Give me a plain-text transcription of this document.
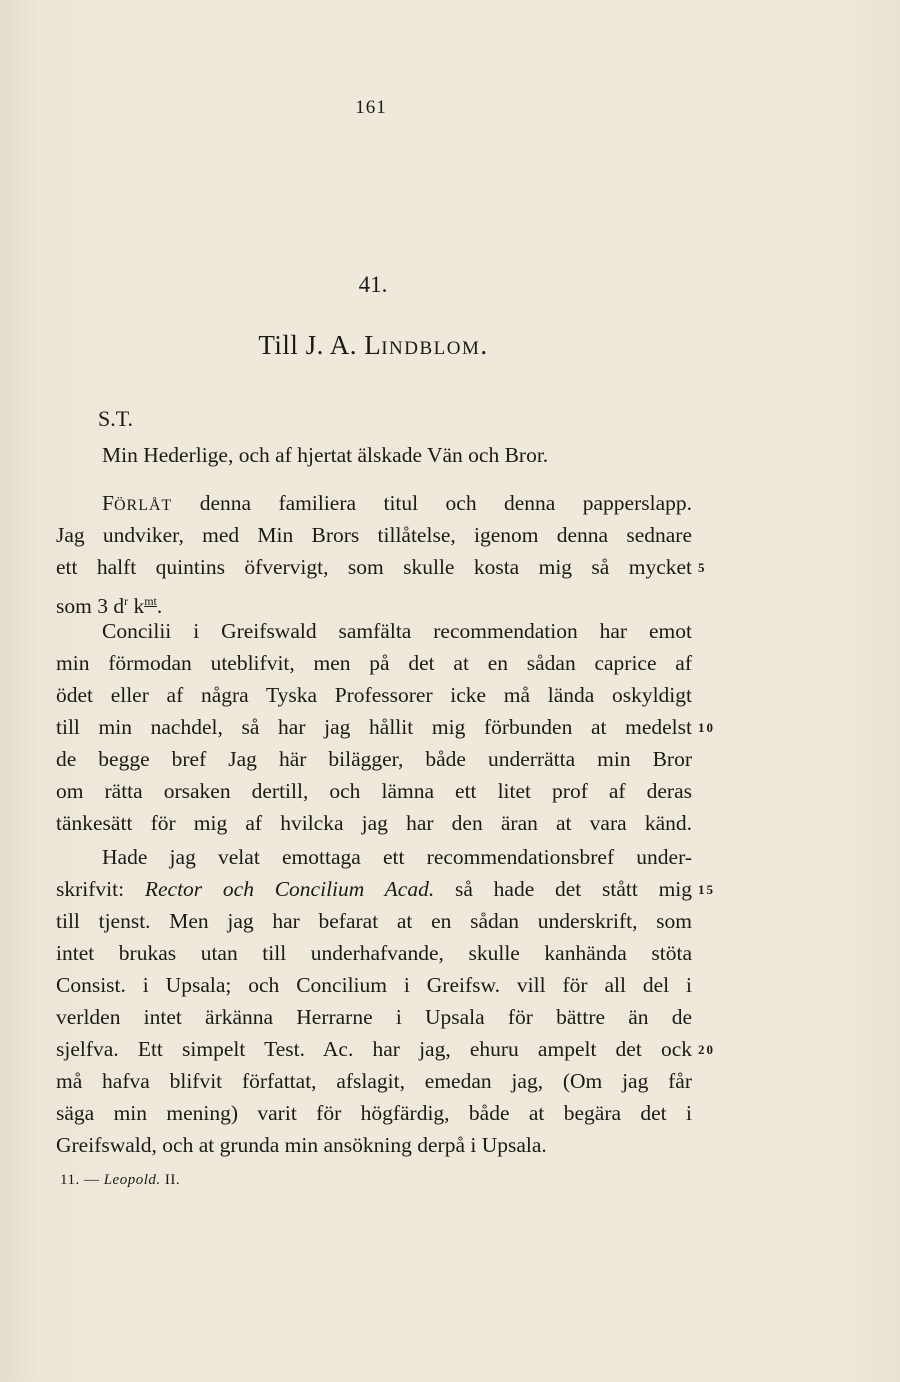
161
41.
Till J. A. LINDBLOM.
S.T.
Min Hederlige, och af hjertat älskade Vän och Bror.
FÖRLÅT denna familiera titul och denna papperslapp.
Jag undviker, med Min Brors tillåtelse, igenom denna sednare
ett halft quintins öfvervigt, som skulle kosta mig så mycket 5
som 3 $d^r$ $k^{mt}$.
Concilii i Greifswald samfälta recommendation har emot
min förmodan uteblifvit, men på det at en sådan caprice af
ödet eller af några Tyska Professorer icke må lända oskyldigt
till min nachdel, så har jag hållit mig förbunden at medelst 10
de begge bref Jag här bilägger, både underrätta min Bror
om rätta orsaken dertill, och lämna ett litet prof af deras
tänkesätt för mig af hvilcka jag har den äran at vara känd.
Hade jag velat emottaga ett recommendationsbref under-
skrifvit: Rector och Concilium Acad. så hade det stått mig 15
till tjenst. Men jag har befarat at en sådan underskrift, som
intet brukas utan till underhafvande, skulle kanhända stöta
Consist. i Upsala; och Concilium i Greifsw. vill för all del i
verlden intet ärkänna Herrarne i Upsala för bättre än de
sjelfva. Ett simpelt Test. Ac. har jag, ehuru ampelt det ock 20
må hafva blifvit författat, afslagit, emedan jag, (Om jag får
säga min mening) varit för högfärdig, både at begära det i
Greifswald, och at grunda min ansökning derpå i Upsala.
11. — Leopold. II.
